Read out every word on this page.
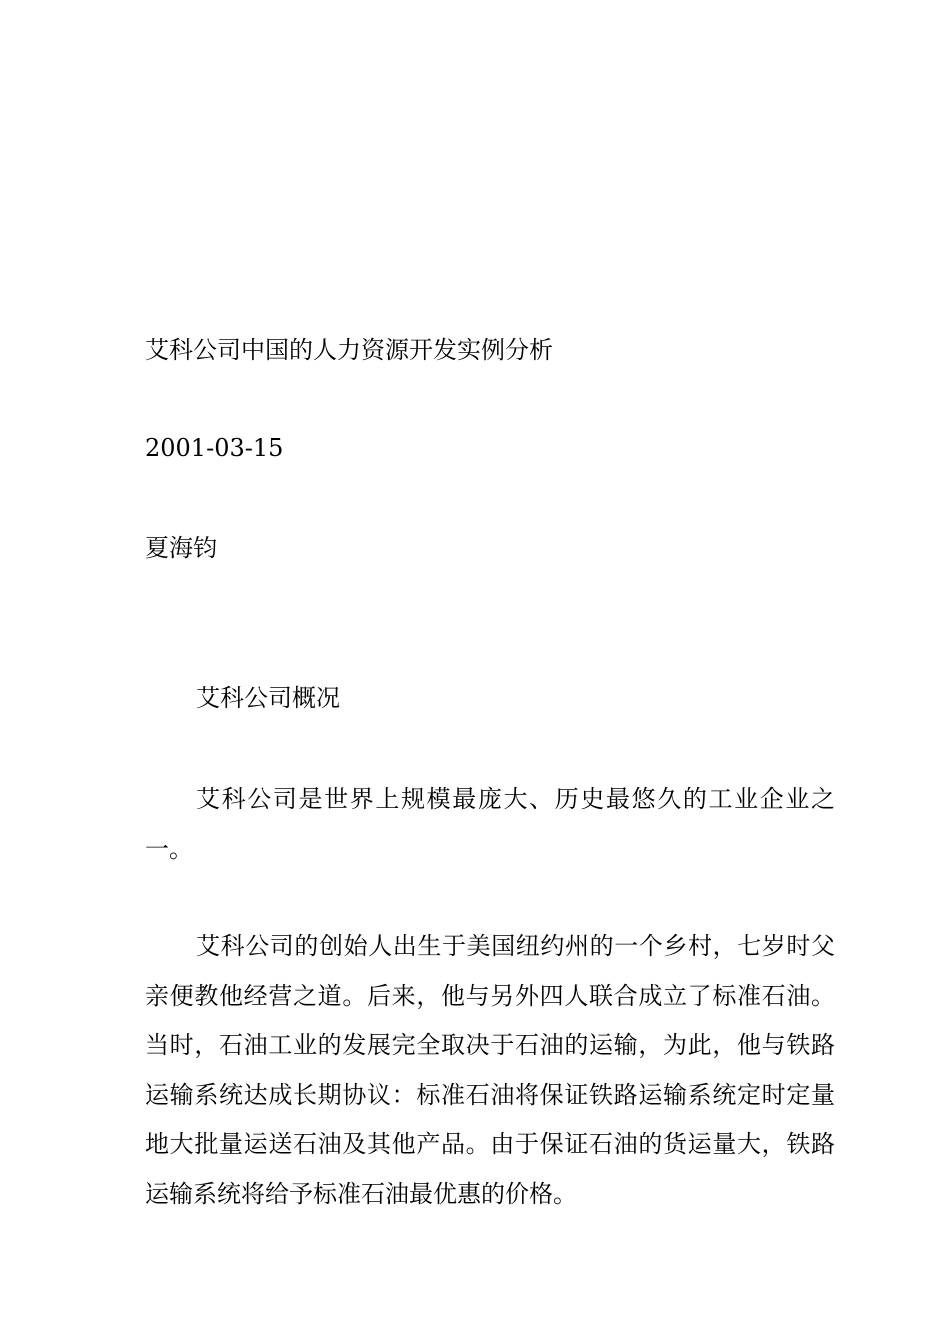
艾科公司中国的人力资源开发实例分析
2001-03-15
夏海钧
艾科公司概况

艾科公司是世界上规模最庞大、历史最悠久的工业企业之一。

艾科公司的创始人出生于美国纽约州的一个乡村，七岁时父亲便教他经营之道。后来，他与另外四人联合成立了标准石油。当时，石油工业的发展完全取决于石油的运输，为此，他与铁路运输系统达成长期协议：标准石油将保证铁路运输系统定时定量地大批量运送石油及其他产品。由于保证石油的货运量大，铁路运输系统将给予标准石油最优惠的价格。
